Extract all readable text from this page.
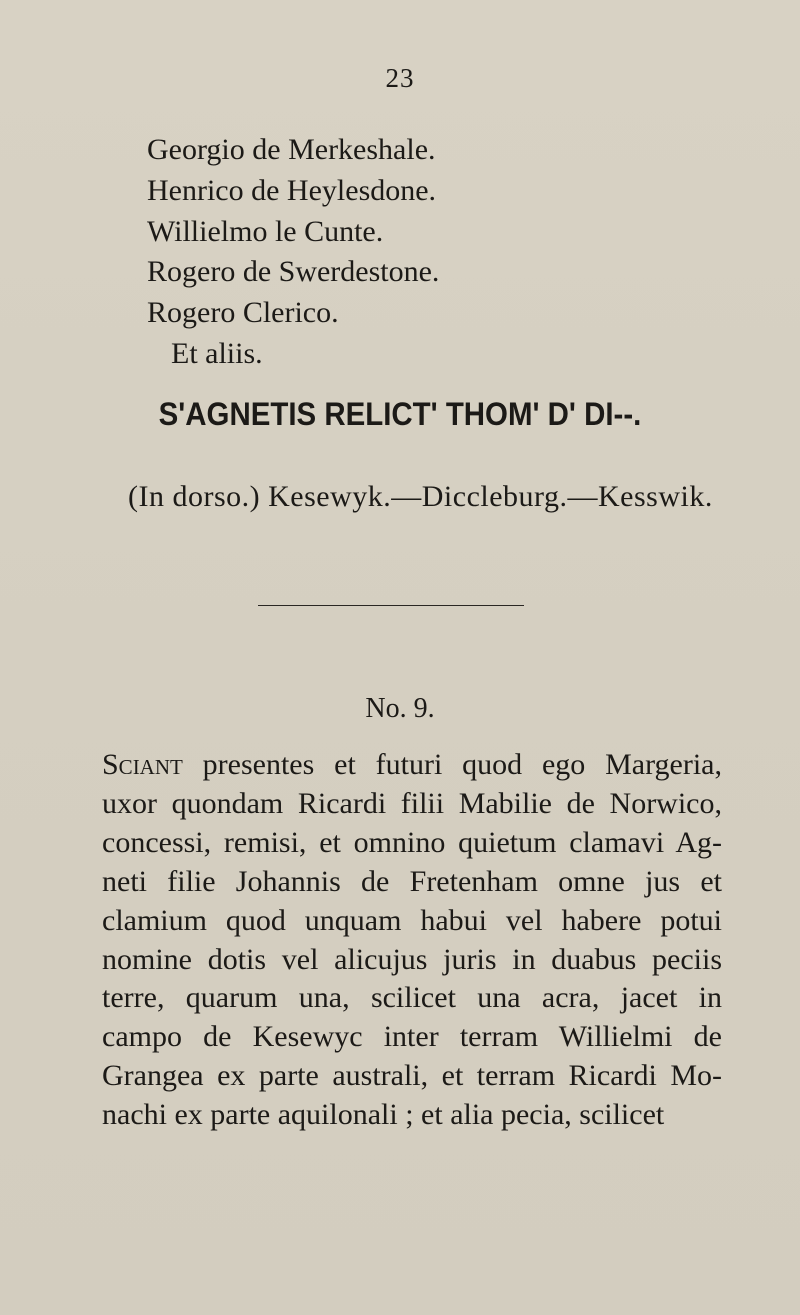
23
Georgio de Merkeshale.
Henrico de Heylesdone.
Willielmo le Cunte.
Rogero de Swerdestone.
Rogero Clerico.
Et aliis.
S'AGNETIS RELICT' THOM' D' DI--.
(In dorso.) Kesewyk.—Diccleburg.—Kesswik.
No. 9.
Sciant presentes et futuri quod ego Margeria,
uxor quondam Ricardi filii Mabilie de Norwico,
concessi, remisi, et omnino quietum clamavi Ag-
neti filie Johannis de Fretenham omne jus et
clamium quod unquam habui vel habere potui
nomine dotis vel alicujus juris in duabus peciis
terre, quarum una, scilicet una acra, jacet in
campo de Kesewyc inter terram Willielmi de
Grangea ex parte australi, et terram Ricardi Mo-
nachi ex parte aquilonali ; et alia pecia, scilicet
